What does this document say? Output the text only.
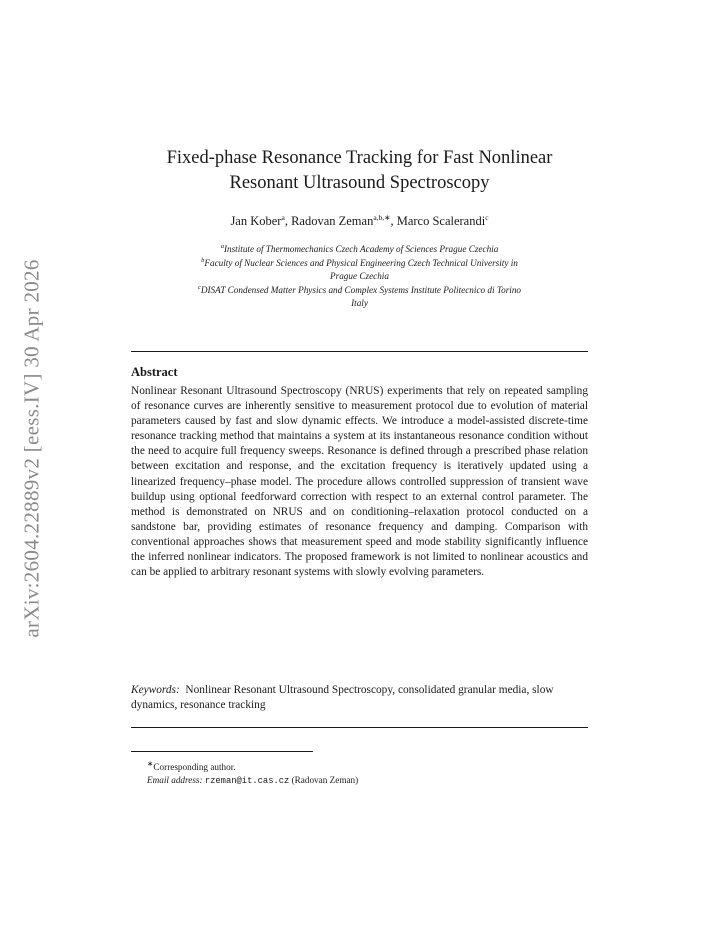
arXiv:2604.22889v2 [eess.IV] 30 Apr 2026
Fixed-phase Resonance Tracking for Fast Nonlinear
Resonant Ultrasound Spectroscopy
Jan Kober$^a$, Radovan Zeman$^{a,b,∗}$, Marco Scalerandi$^c$
$^a$Institute of Thermomechanics Czech Academy of Sciences Prague Czechia
$^b$Faculty of Nuclear Sciences and Physical Engineering Czech Technical University in
Prague Czechia
$^c$DISAT Condensed Matter Physics and Complex Systems Institute Politecnico di Torino
Italy
Abstract
Nonlinear Resonant Ultrasound Spectroscopy (NRUS) experiments that rely on repeated sampling of resonance curves are inherently sensitive to measurement protocol due to evolution of material parameters caused by fast and slow dynamic effects. We introduce a model-assisted discrete-time resonance tracking method that maintains a system at its instantaneous resonance condition without the need to acquire full frequency sweeps. Resonance is defined through a prescribed phase relation between excitation and response, and the excitation frequency is iteratively updated using a linearized frequency–phase model. The procedure allows controlled suppression of transient wave buildup using optional feedforward correction with respect to an external control parameter. The method is demonstrated on NRUS and on conditioning–relaxation protocol conducted on a sandstone bar, providing estimates of resonance frequency and damping. Comparison with conventional approaches shows that measurement speed and mode stability significantly influence the inferred nonlinear indicators. The proposed framework is not limited to nonlinear acoustics and can be applied to arbitrary resonant systems with slowly evolving parameters.
Keywords: Nonlinear Resonant Ultrasound Spectroscopy, consolidated granular media, slow dynamics, resonance tracking
∗Corresponding author.
Email address: rzeman@it.cas.cz (Radovan Zeman)
